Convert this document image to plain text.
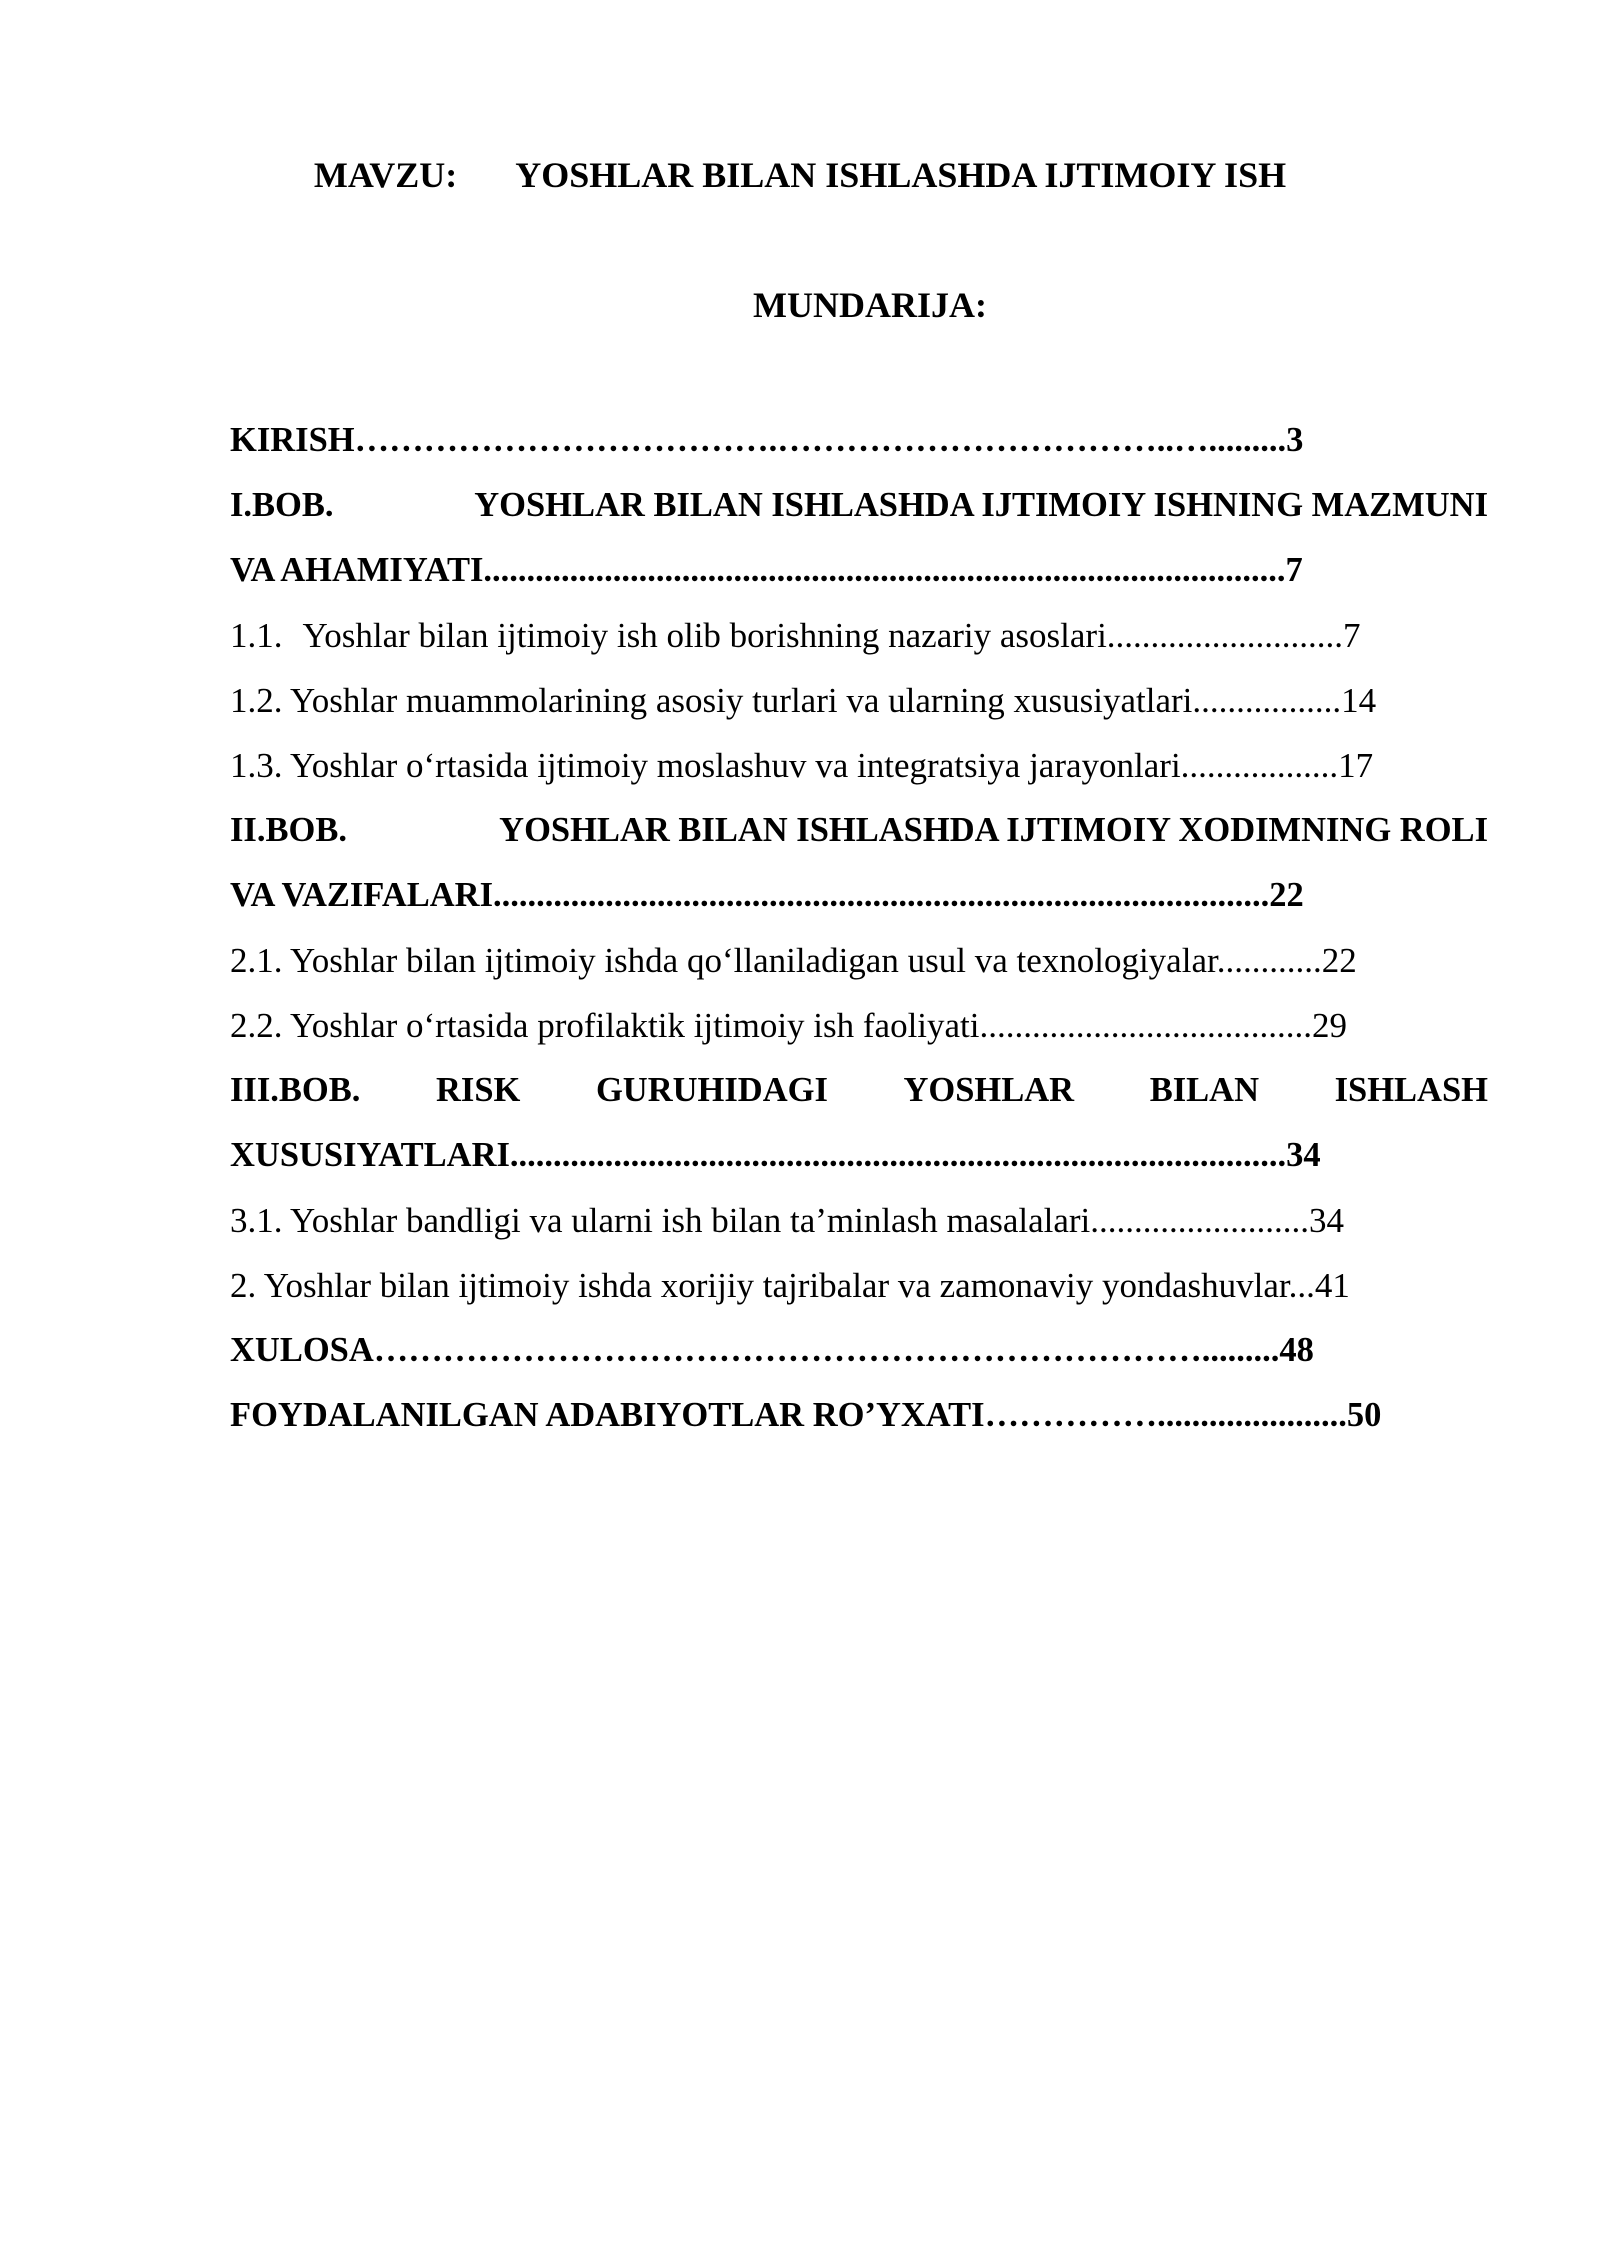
MAVZU: YOSHLAR BILAN ISHLASHDA IJTIMOIY ISH
MUNDARIJA:
KIRISH……………………………….……………………………..….........3
I.BOB.	YOSHLAR BILAN ISHLASHDA IJTIMOIY ISHNING MAZMUNI
VA AHAMIYATI.............................................................................................7
1.1. Yoshlar bilan ijtimoiy ish olib borishning nazariy asoslari...........................7
1.2. Yoshlar muammolarining asosiy turlari va ularning xususiyatlari.................14
1.3. Yoshlar oʻrtasida ijtimoiy moslashuv va integratsiya jarayonlari..................17
II.BOB.	YOSHLAR BILAN ISHLASHDA IJTIMOIY XODIMNING ROLI
VA VAZIFALARI..........................................................................................22
2.1. Yoshlar bilan ijtimoiy ishda qoʻllaniladigan usul va texnologiyalar............22
2.2. Yoshlar oʻrtasida profilaktik ijtimoiy ish faoliyati......................................29
III.BOB. RISK GURUHIDAGI YOSHLAR BILAN ISHLASH
XUSUSIYATLARI..........................................................................................34
3.1. Yoshlar bandligi va ularni ish bilan ta’minlash masalalari.........................34
2. Yoshlar bilan ijtimoiy ishda xorijiy tajribalar va zamonaviy yondashuvlar...41
XULOSA……………………………………………………………….........48
FOYDALANILGAN ADABIYOTLAR RO’YXATI……………......................50
